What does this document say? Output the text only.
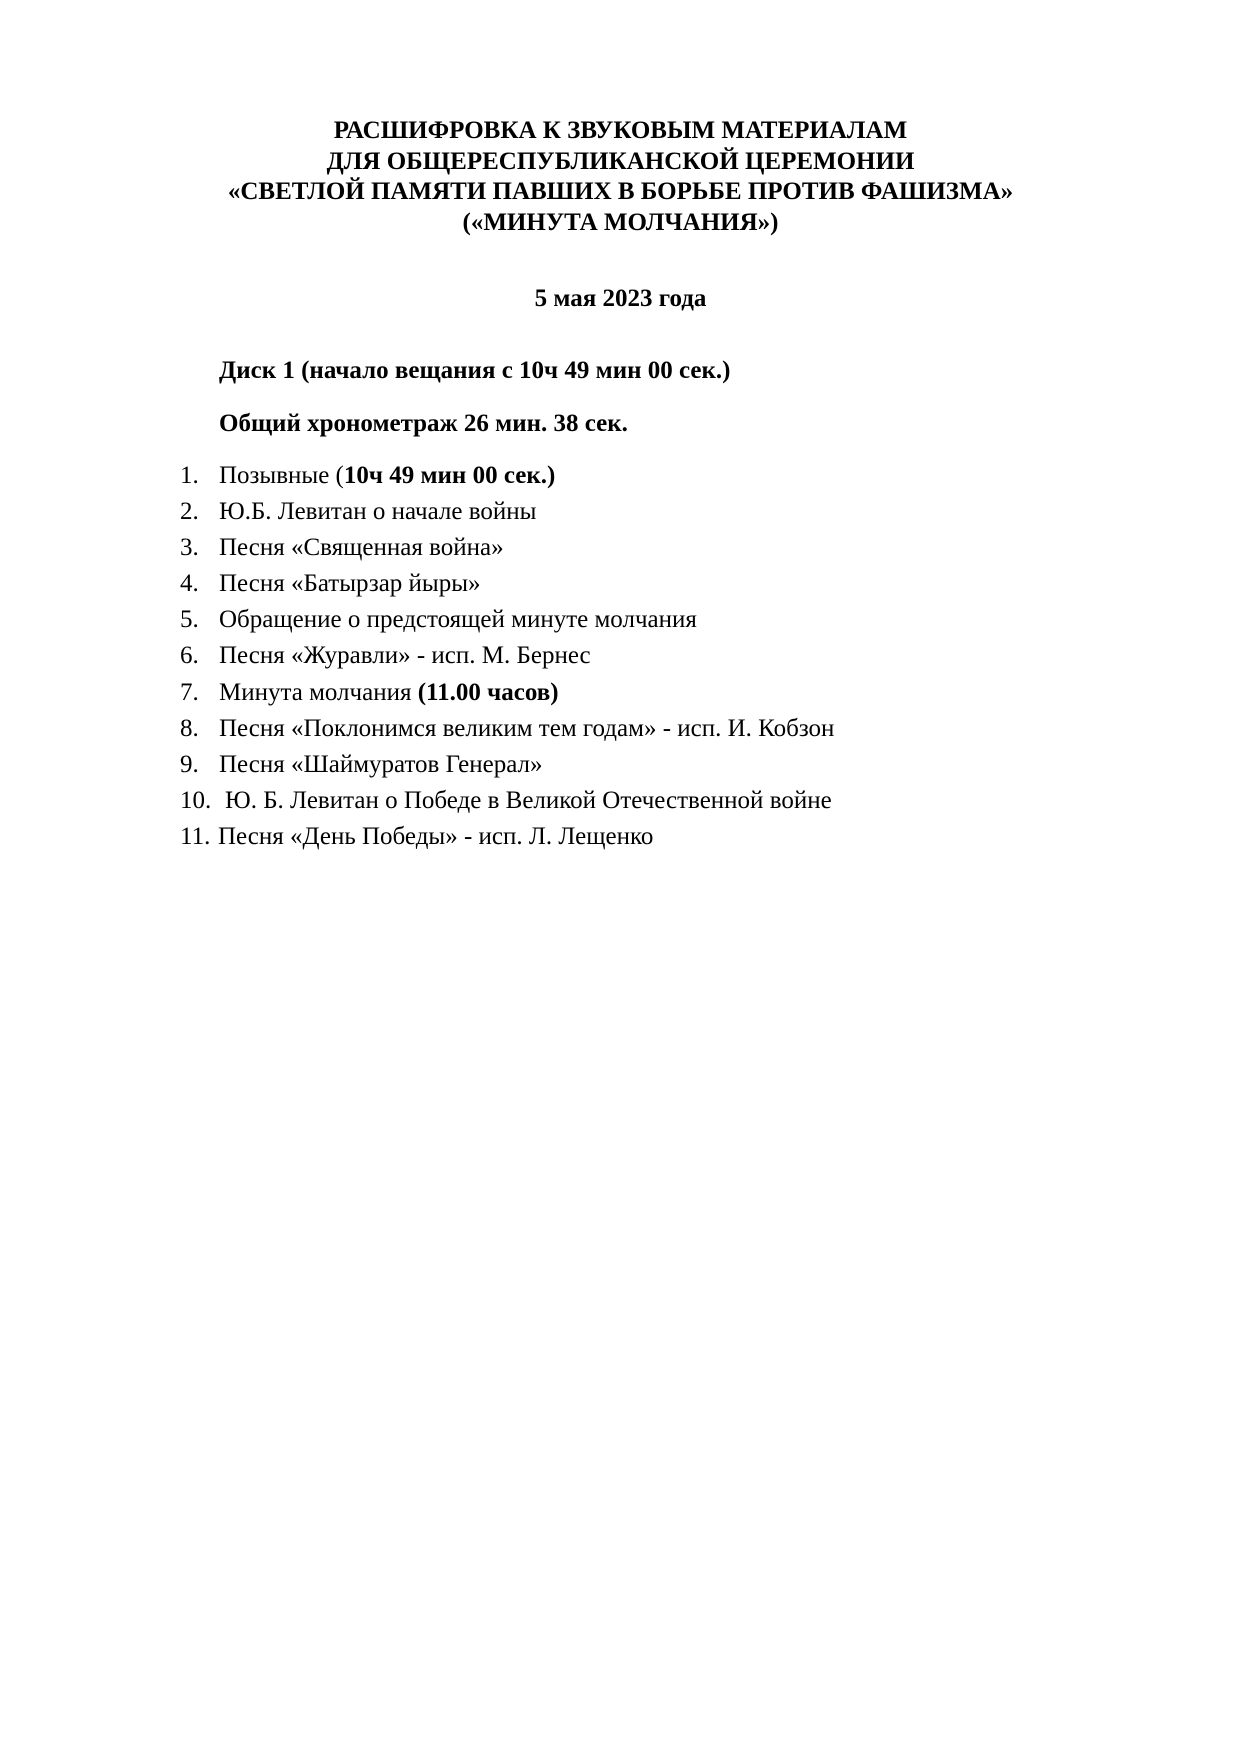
РАСШИФРОВКА К ЗВУКОВЫМ МАТЕРИАЛАМ
ДЛЯ ОБЩЕРЕСПУБЛИКАНСКОЙ ЦЕРЕМОНИИ
«СВЕТЛОЙ ПАМЯТИ ПАВШИХ В БОРЬБЕ ПРОТИВ ФАШИЗМА»
(«МИНУТА МОЛЧАНИЯ»)
5 мая 2023 года
Диск 1 (начало вещания с 10ч 49 мин 00 сек.)
Общий хронометраж 26 мин. 38 сек.
1. Позывные (10ч 49 мин 00 сек.)
2. Ю.Б. Левитан о начале войны
3. Песня «Священная война»
4. Песня «Батырзар йыры»
5. Обращение о предстоящей минуте молчания
6. Песня «Журавли» - исп. М. Бернес
7. Минута молчания (11.00 часов)
8. Песня «Поклонимся великим тем годам» - исп. И. Кобзон
9. Песня «Шаймуратов Генерал»
10. Ю. Б. Левитан о Победе в Великой Отечественной войне
11. Песня «День Победы» - исп. Л. Лещенко
